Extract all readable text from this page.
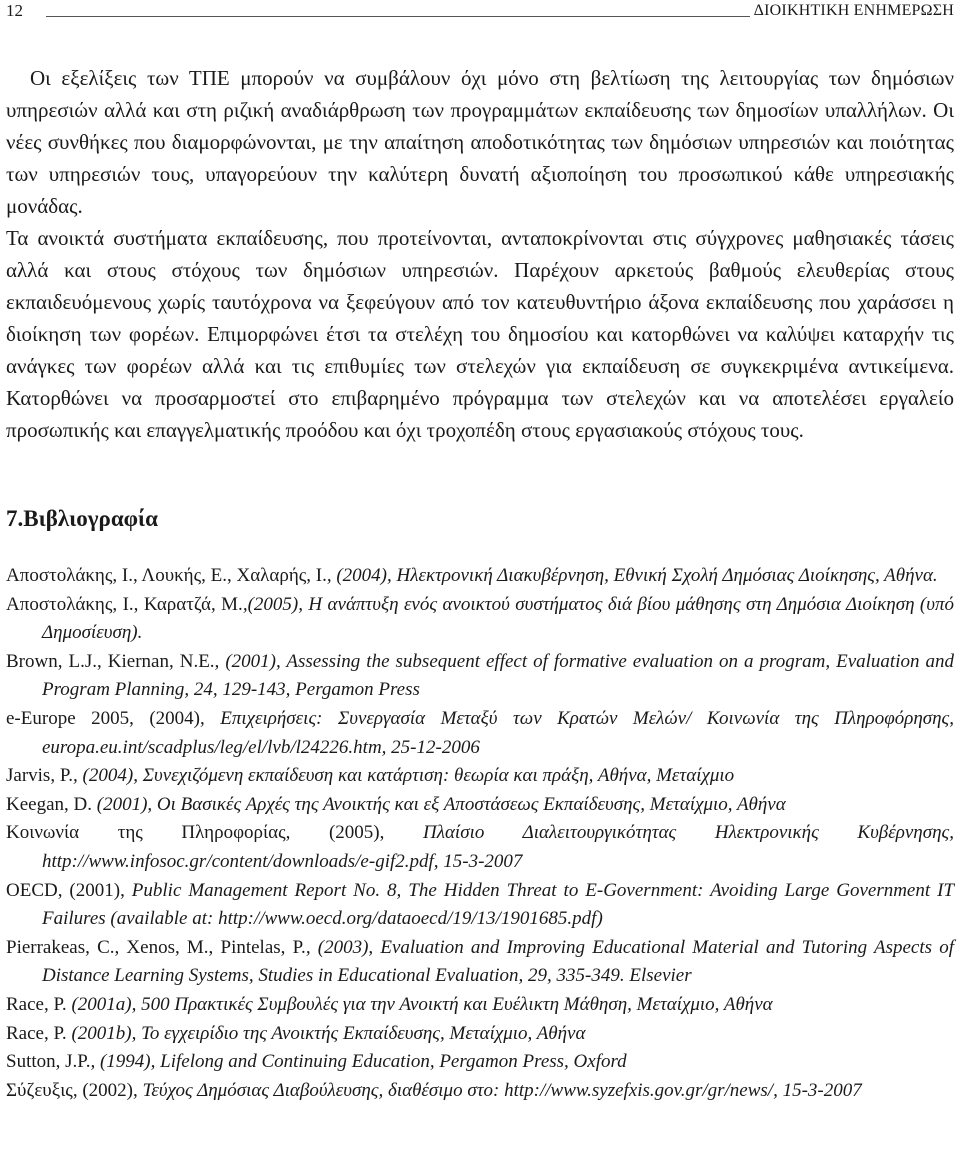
12	ΔΙΟΙΚΗΤΙΚΗ ΕΝΗΜΕΡΩΣΗ

Οι εξελίξεις των ΤΠΕ μπορούν να συμβάλουν όχι μόνο στη βελτίωση της λειτουργίας των δημόσιων υπηρεσιών αλλά και στη ριζική αναδιάρθρωση των προγραμμάτων εκπαίδευσης των δημοσίων υπαλλήλων. Οι νέες συνθήκες που διαμορφώνονται, με την απαίτηση αποδοτικότητας των δημόσιων υπηρεσιών και ποιότητας των υπηρεσιών τους, υπαγορεύουν την καλύτερη δυνατή αξιοποίηση του προσωπικού κάθε υπηρεσιακής μονάδας.

Τα ανοικτά συστήματα εκπαίδευσης, που προτείνονται, ανταποκρίνονται στις σύγχρονες μαθησιακές τάσεις αλλά και στους στόχους των δημόσιων υπηρεσιών. Παρέχουν αρκετούς βαθμούς ελευθερίας στους εκπαιδευόμενους χωρίς ταυτόχρονα να ξεφεύγουν από τον κατευθυντήριο άξονα εκπαίδευσης που χαράσσει η διοίκηση των φορέων. Επιμορφώνει έτσι τα στελέχη του δημοσίου και κατορθώνει να καλύψει καταρχήν τις ανάγκες των φορέων αλλά και τις επιθυμίες των στελεχών για εκπαίδευση σε συγκεκριμένα αντικείμενα. Κατορθώνει να προσαρμοστεί στο επιβαρημένο πρόγραμμα των στελεχών και να αποτελέσει εργαλείο προσωπικής και επαγγελματικής προόδου και όχι τροχοπέδη στους εργασιακούς στόχους τους.

7.Βιβλιογραφία

Αποστολάκης, Ι., Λουκής, Ε., Χαλαρής, Ι., (2004), Ηλεκτρονική Διακυβέρνηση, Εθνική Σχολή Δημόσιας Διοίκησης, Αθήνα.

Αποστολάκης, Ι., Καρατζά, Μ.,(2005), Η ανάπτυξη ενός ανοικτού συστήματος διά βίου μάθησης στη Δημόσια Διοίκηση (υπό Δημοσίευση).

Brown, L.J., Kiernan, N.E., (2001), Assessing the subsequent effect of formative evaluation on a program, Evaluation and Program Planning, 24, 129-143, Pergamon Press

e-Europe 2005, (2004), Επιχειρήσεις: Συνεργασία Μεταξύ των Κρατών Μελών/ Κοινωνία της Πληροφόρησης, europa.eu.int/scadplus/leg/el/lvb/l24226.htm, 25-12-2006

Jarvis, P., (2004), Συνεχιζόμενη εκπαίδευση και κατάρτιση: θεωρία και πράξη, Αθήνα, Μεταίχμιο

Keegan, D. (2001), Οι Βασικές Αρχές της Ανοικτής και εξ Αποστάσεως Εκπαίδευσης, Μεταίχμιο, Αθήνα

Κοινωνία της Πληροφορίας, (2005), Πλαίσιο Διαλειτουργικότητας Ηλεκτρονικής Κυβέρνησης, http://www.infosoc.gr/content/downloads/e-gif2.pdf, 15-3-2007

OECD, (2001), Public Management Report No. 8, The Hidden Threat to E-Government: Avoiding Large Government IT Failures (available at: http://www.oecd.org/dataoecd/19/13/1901685.pdf)

Pierrakeas, C., Xenos, M., Pintelas, P., (2003), Evaluation and Improving Educational Material and Tutoring Aspects of Distance Learning Systems, Studies in Educational Evaluation, 29, 335-349. Elsevier

Race, P. (2001a), 500 Πρακτικές Συμβουλές για την Ανοικτή και Ευέλικτη Μάθηση, Μεταίχμιο, Αθήνα

Race, P. (2001b), Το εγχειρίδιο της Ανοικτής Εκπαίδευσης, Μεταίχμιο, Αθήνα

Sutton, J.P., (1994), Lifelong and Continuing Education, Pergamon Press, Oxford

Σύζευξις, (2002), Τεύχος Δημόσιας Διαβούλευσης, διαθέσιμο στο: http://www.syzefxis.gov.gr/gr/news/, 15-3-2007
